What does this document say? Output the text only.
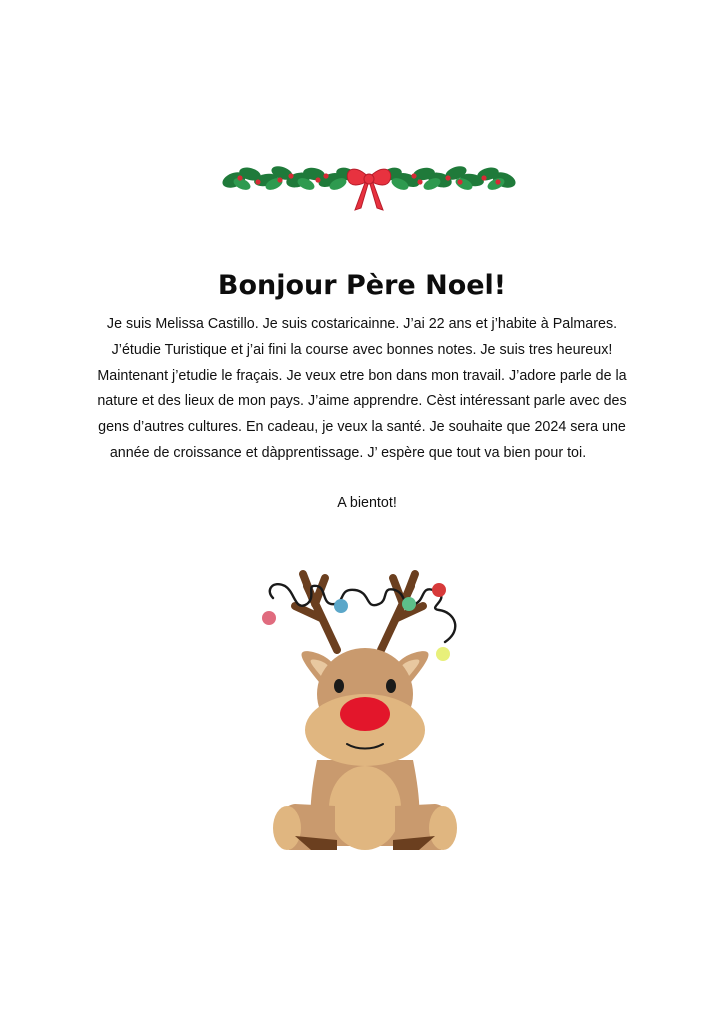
Bonjour Père Noel!
Je suis Melissa Castillo. Je suis costaricainne. J’ai 22 ans et j’habite à Palmares.
J’étudie Turistique et j’ai fini la course avec bonnes notes. Je suis tres heureux!
Maintenant j’etudie le fraçais. Je veux etre bon dans mon travail. J’adore parle de la
nature et des lieux de mon pays. J’aime apprendre. Cèst intéressant parle avec des
gens d’autres cultures. En cadeau, je veux la santé. Je souhaite que 2024 sera une
année de croissance et dàpprentissage. J’ espère que tout va bien pour toi.
A bientot!
